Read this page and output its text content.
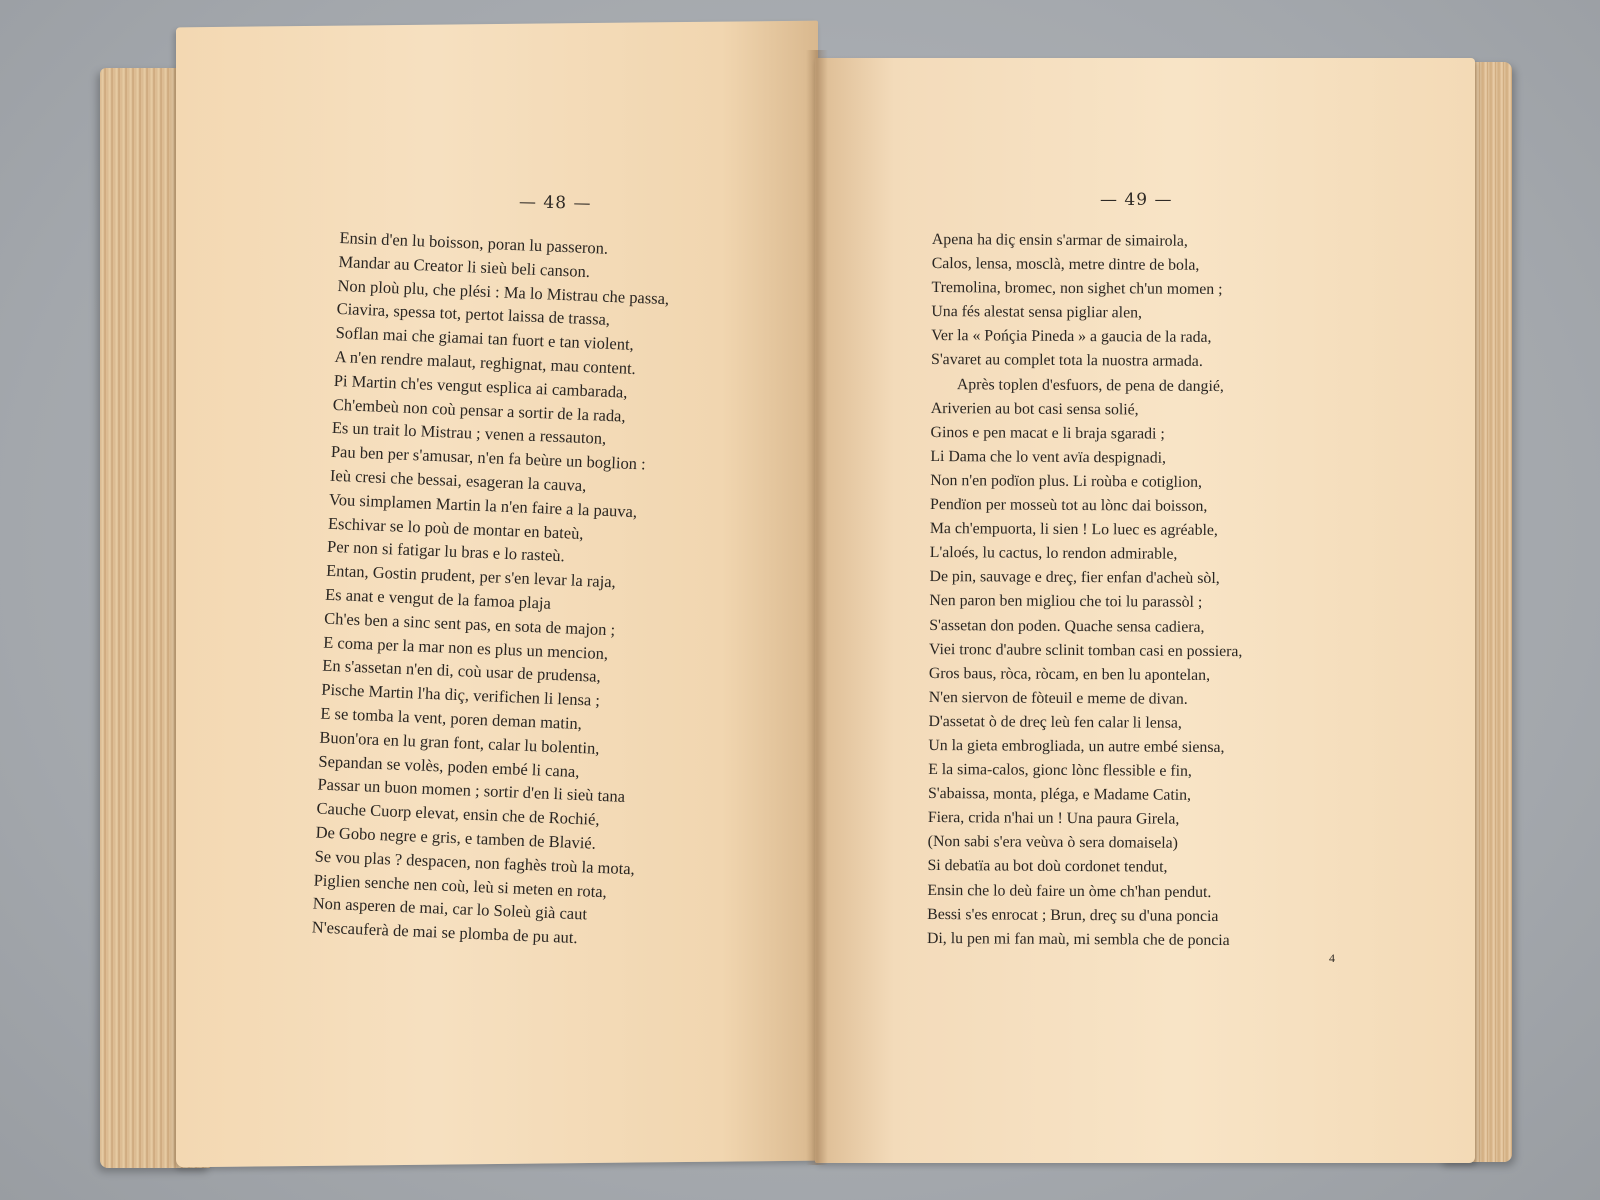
— 48 —	— 49 —
Ensin d'en lu boisson, poran lu passeron.
Mandar au Creator li sieù beli canson.
Non ploù plu, che plési : Ma lo Mistrau che passa,
Ciavira, spessa tot, pertot laissa de trassa,
Soflan mai che giamai tan fuort e tan violent,
A n'en rendre malaut, reghignat, mau content.
Pi Martin ch'es vengut esplica ai cambarada,
Ch'embeù non coù pensar a sortir de la rada,
Es un trait lo Mistrau ; venen a ressauton,
Pau ben per s'amusar, n'en fa beùre un boglion :
Ieù cresi che bessai, esageran la cauva,
Vou simplamen Martin la n'en faire a la pauva,
Eschivar se lo poù de montar en bateù,
Per non si fatigar lu bras e lo rasteù.
Entan, Gostin prudent, per s'en levar la raja,
Es anat e vengut de la famoa plaja
Ch'es ben a sinc sent pas, en sota de majon ;
E coma per la mar non es plus un mencion,
En s'assetan n'en di, coù usar de prudensa,
Pische Martin l'ha diç, verifichen li lensa ;
E se tomba la vent, poren deman matin,
Buon'ora en lu gran font, calar lu bolentin,
Sepandan se volès, poden embé li cana,
Passar un buon momen ; sortir d'en li sieù tana
Cauche Cuorp elevat, ensin che de Rochié,
De Gobo negre e gris, e tamben de Blavié.
Se vou plas ? despacen, non faghès troù la mota,
Piglien senche nen coù, leù si meten en rota,
Non asperen de mai, car lo Soleù già caut
N'escauferà de mai se plomba de pu aut.
Apena ha diç ensin s'armar de simairola,
Calos, lensa, mosclà, metre dintre de bola,
Tremolina, bromec, non sighet ch'un momen ;
Una fés alestat sensa pigliar alen,
Ver la « Pońçia Pineda » a gaucia de la rada,
S'avaret au complet tota la nuostra armada.
Après toplen d'esfuors, de pena de dangié,
Ariverien au bot casi sensa solié,
Ginos e pen macat e li braja sgaradi ;
Li Dama che lo vent avïa despignadi,
Non n'en podïon plus. Li roùba e cotiglion,
Pendïon per mosseù tot au lònc dai boisson,
Ma ch'empuorta, li sien ! Lo luec es agréable,
L'aloés, lu cactus, lo rendon admirable,
De pin, sauvage e dreç, fier enfan d'acheù sòl,
Nen paron ben migliou che toi lu parassòl ;
S'assetan don poden. Quache sensa cadiera,
Viei tronc d'aubre sclinit tomban casi en possiera,
Gros baus, ròca, ròcam, en ben lu apontelan,
N'en siervon de fòteuil e meme de divan.
D'assetat ò de dreç leù fen calar li lensa,
Un la gieta embrogliada, un autre embé siensa,
E la sima-calos, gionc lònc flessible e fin,
S'abaissa, monta, pléga, e Madame Catin,
Fiera, crida n'hai un ! Una paura Girela,
(Non sabi s'era veùva ò sera domaisela)
Si debatïa au bot doù cordonet tendut,
Ensin che lo deù faire un òme ch'han pendut.
Bessi s'es enrocat ; Brun, dreç su d'una poncia
Di, lu pen mi fan maù, mi sembla che de poncia
4
